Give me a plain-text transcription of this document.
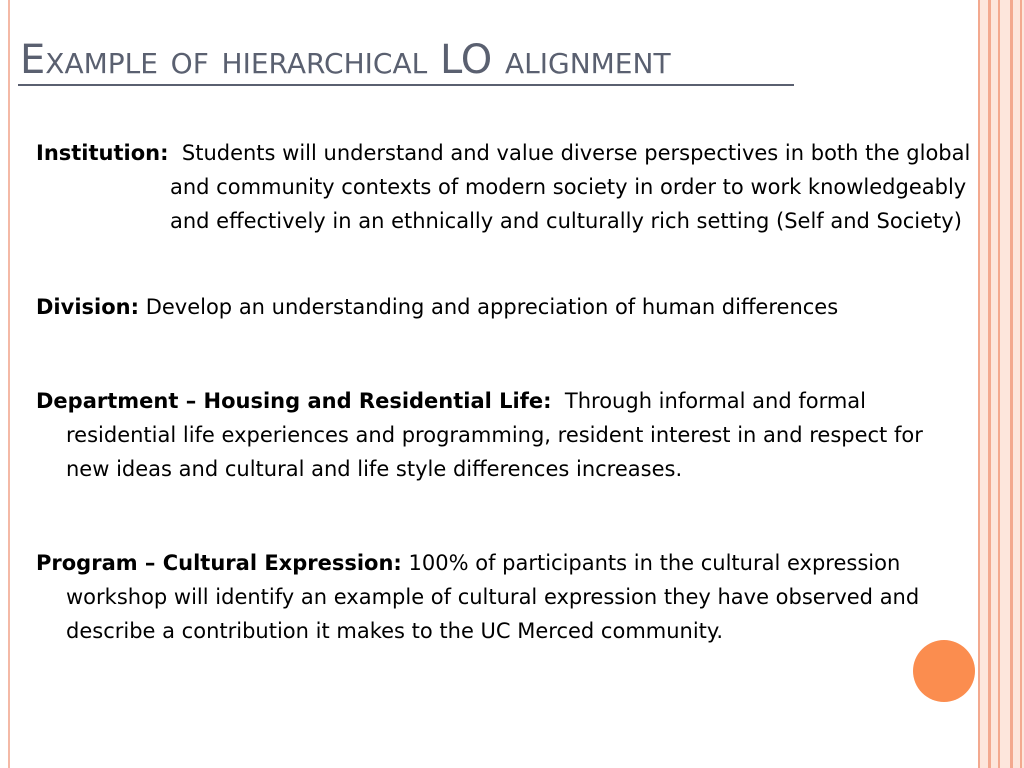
Example of hierarchical LO alignment

Institution: Students will understand and value diverse perspectives in both the global and community contexts of modern society in order to work knowledgeably and effectively in an ethnically and culturally rich setting (Self and Society)

Division: Develop an understanding and appreciation of human differences

Department – Housing and Residential Life: Through informal and formal residential life experiences and programming, resident interest in and respect for new ideas and cultural and life style differences increases.

Program – Cultural Expression: 100% of participants in the cultural expression workshop will identify an example of cultural expression they have observed and describe a contribution it makes to the UC Merced community.
